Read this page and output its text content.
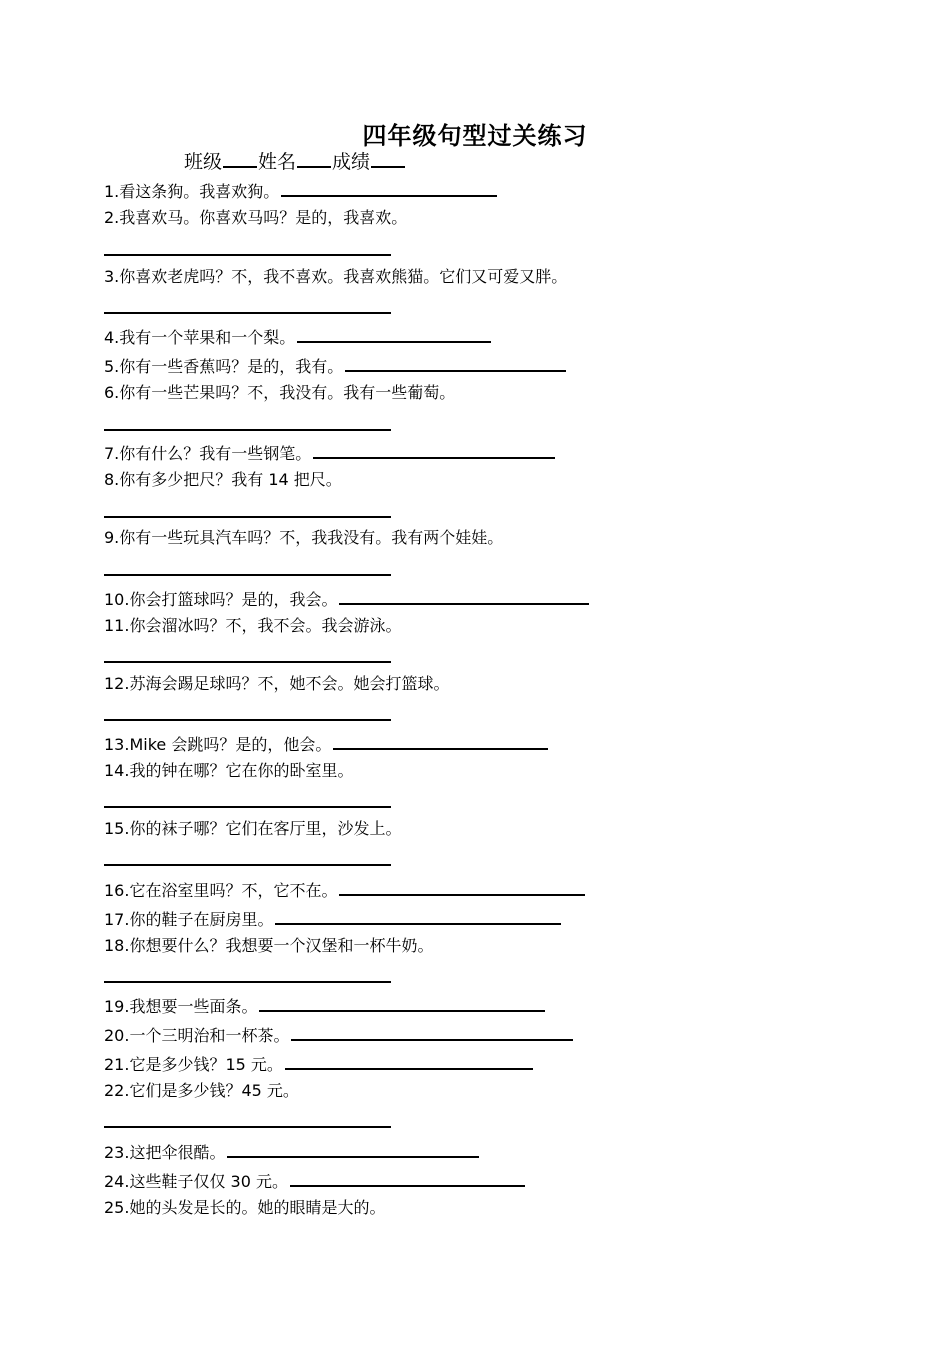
四年级句型过关练习
班级 姓名 成绩
1.看这条狗。我喜欢狗。
2.我喜欢马。你喜欢马吗？是的，我喜欢。
3.你喜欢老虎吗？不，我不喜欢。我喜欢熊猫。它们又可爱又胖。
4.我有一个苹果和一个梨。
5.你有一些香蕉吗？是的，我有。
6.你有一些芒果吗？不，我没有。我有一些葡萄。
7.你有什么？我有一些钢笔。
8.你有多少把尺？我有 14 把尺。
9.你有一些玩具汽车吗？不，我我没有。我有两个娃娃。
10.你会打篮球吗？是的，我会。
11.你会溜冰吗？不，我不会。我会游泳。
12.苏海会踢足球吗？不，她不会。她会打篮球。
13.Mike 会跳吗？是的，他会。
14.我的钟在哪？它在你的卧室里。
15.你的袜子哪？它们在客厅里，沙发上。
16.它在浴室里吗？不，它不在。
17.你的鞋子在厨房里。
18.你想要什么？我想要一个汉堡和一杯牛奶。
19.我想要一些面条。
20.一个三明治和一杯茶。
21.它是多少钱？15 元。
22.它们是多少钱？45 元。
23.这把伞很酷。
24.这些鞋子仅仅 30 元。
25.她的头发是长的。她的眼睛是大的。
